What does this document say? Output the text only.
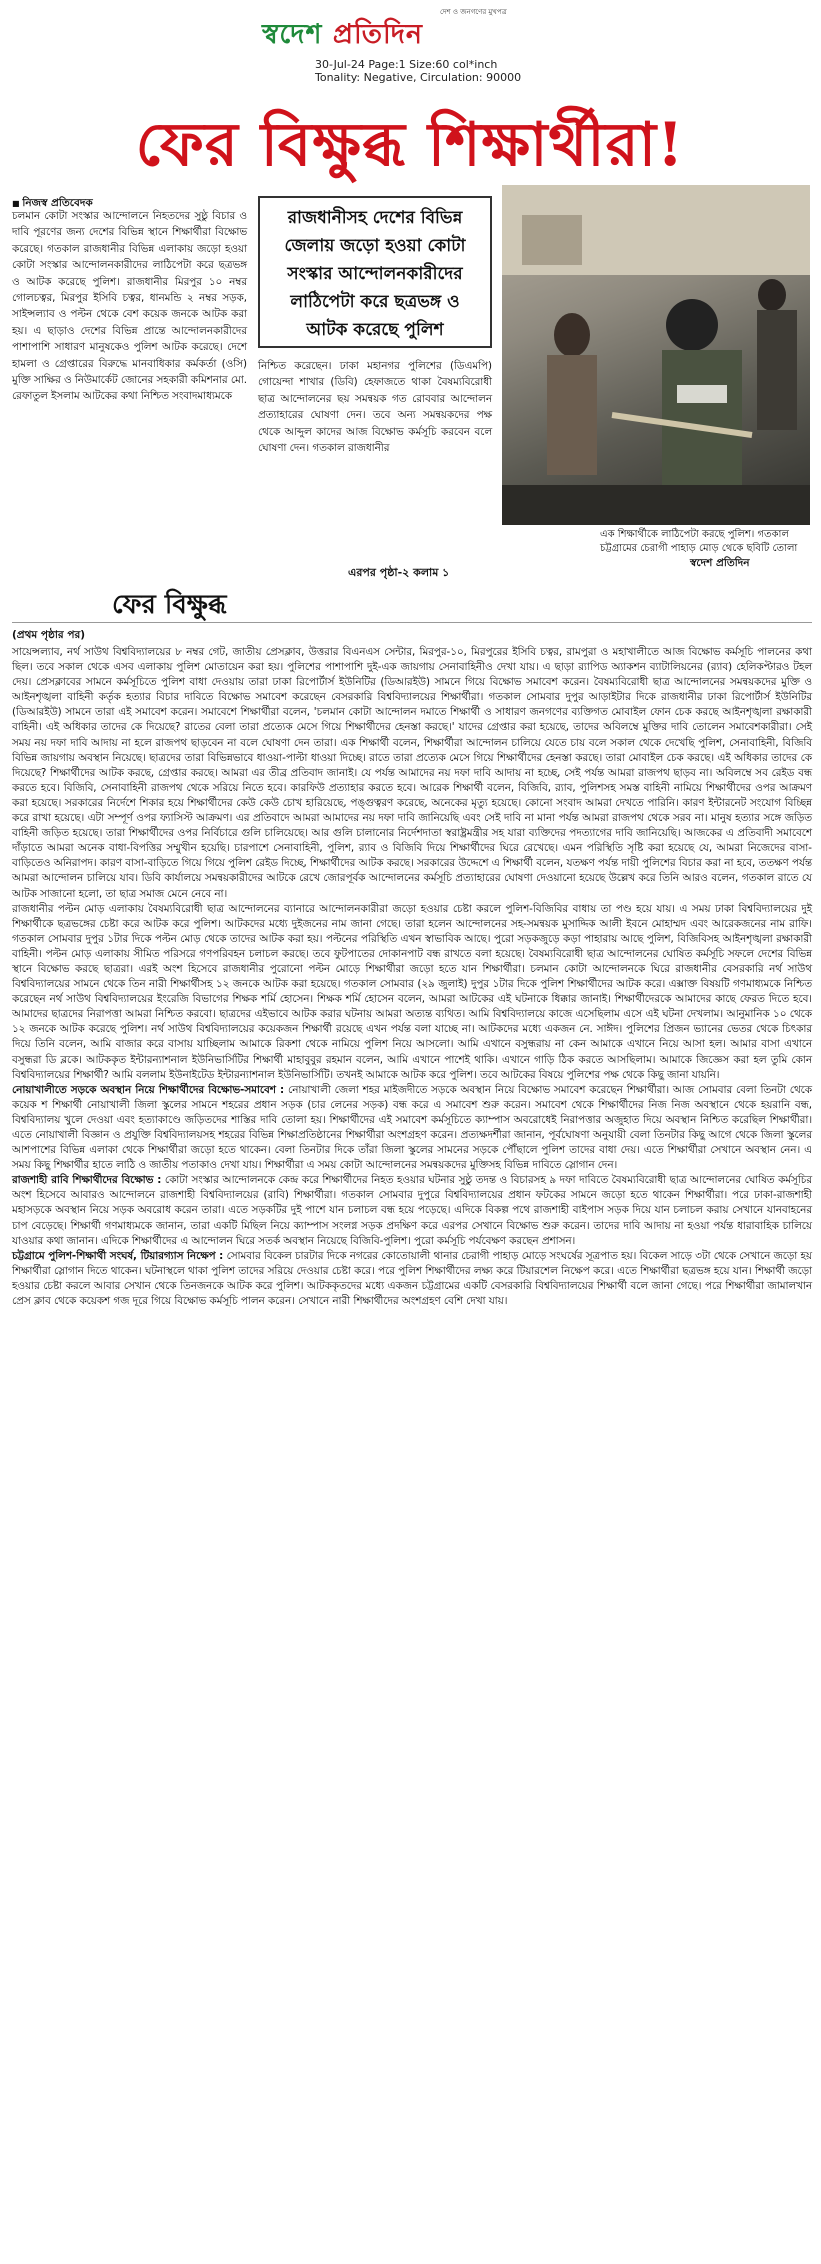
দেশ ও জনগণের মুখপত্র
স্বদেশ প্রতিদিন
30-Jul-24 Page:1 Size:60 col*inch
Tonality: Negative, Circulation: 90000
ফের বিক্ষুব্ধ শিক্ষার্থীরা!
■ নিজস্ব প্রতিবেদক

চলমান কোটা সংস্কার আন্দোলনে নিহতদের সুষ্ঠু বিচার ও দাবি পূরণের জন্য দেশের বিভিন্ন স্থানে শিক্ষার্থীরা বিক্ষোভ করেছে। গতকাল রাজধানীর বিভিন্ন এলাকায় জড়ো হওয়া কোটা সংস্কার আন্দোলনকারীদের লাঠিপেটা করে ছত্রভঙ্গ ও আটক করেছে পুলিশ। রাজধানীর মিরপুর ১০ নম্বর গোলচত্বর, মিরপুর ইসিবি চত্বর, ধানমন্ডি ২ নম্বর সড়ক, সাইন্সল্যাব ও পল্টন থেকে বেশ কয়েক জনকে আটক করা হয়। এ ছাড়াও দেশের বিভিন্ন প্রান্তে আন্দোলনকারীদের পাশাপাশি সাধারণ মানুষকেও পুলিশ আটক করেছে। দেশে হামলা ও গ্রেপ্তারের বিরুদ্ধে মানবাধিকার কর্মকর্তা (ওসি) মুক্তি সাক্ষির ও নিউমার্কেট জোনের সহকারী কমিশনার মো. রেফাতুল ইসলাম আটকের কথা নিশ্চিত সংবাদমাধ্যমকে

রাজধানীসহ দেশের বিভিন্ন জেলায় জড়ো হওয়া কোটা সংস্কার আন্দোলনকারীদের লাঠিপেটা করে ছত্রভঙ্গ ও আটক করেছে পুলিশ

নিশ্চিত করেছেন। ঢাকা মহানগর পুলিশের (ডিএমপি) গোয়েন্দা শাখার (ডিবি) হেফাজতে থাকা বৈষম্যবিরোধী ছাত্র আন্দোলনের ছয় সমন্বয়ক গত রোববার আন্দোলন প্রত্যাহারের ঘোষণা দেন। তবে অন্য সমন্বয়কদের পক্ষ থেকে আব্দুল কাদের আজ বিক্ষোভ কর্মসূচি করবেন বলে ঘোষণা দেন। গতকাল রাজধানীর

এক শিক্ষার্থীকে লাঠিপেটা করছে পুলিশ। গতকাল চট্টগ্রামের চেরাগী পাহাড় মোড় থেকে ছবিটি তোলা
স্বদেশ প্রতিদিন
এরপর পৃষ্ঠা-২ কলাম ১
ফের বিক্ষুব্ধ
(প্রথম পৃষ্ঠার পর)

সায়েন্সল্যাব, নর্থ সাউথ বিশ্ববিদ্যালয়ের ৮ নম্বর গেট, জাতীয় প্রেসক্লাব, উত্তরার বিএনএস সেন্টার, মিরপুর-১০, মিরপুরের ইসিবি চত্বর, রামপুরা ও মহাখালীতে আজ বিক্ষোভ কর্মসূচি পালনের কথা ছিল। তবে সকাল থেকে এসব এলাকায় পুলিশ মোতায়েন করা হয়। পুলিশের পাশাপাশি দুই-এক জায়গায় সেনাবাহিনীও দেখা যায়। এ ছাড়া র‍্যাপিড অ্যাকশন ব্যাটালিয়নের (র‍্যাব) হেলিকপ্টারও টহল দেয়। প্রেসক্লাবের সামনে কর্মসূচিতে পুলিশ বাধা দেওয়ায় তারা ঢাকা রিপোর্টার্স ইউনিটির (ডিআরইউ) সামনে গিয়ে বিক্ষোভ সমাবেশ করেন। বৈষম্যবিরোধী ছাত্র আন্দোলনের সমন্বয়কদের মুক্তি ও আইনশৃঙ্খলা বাহিনী কর্তৃক হত্যার বিচার দাবিতে বিক্ষোভ সমাবেশ করেছেন বেসরকারি বিশ্ববিদ্যালয়ের শিক্ষার্থীরা। গতকাল সোমবার দুপুর আড়াইটার দিকে রাজধানীর ঢাকা রিপোর্টার্স ইউনিটির (ডিআরইউ) সামনে তারা এই সমাবেশ করেন। সমাবেশে শিক্ষার্থীরা বলেন, 'চলমান কোটা আন্দোলন দমাতে শিক্ষার্থী ও সাধারণ জনগণের ব্যক্তিগত মোবাইল ফোন চেক করছে আইনশৃঙ্খলা রক্ষাকারী বাহিনী। এই অধিকার তাদের কে দিয়েছে? রাতের বেলা তারা প্রত্যেক মেসে গিয়ে শিক্ষার্থীদের হেনস্তা করছে।' যাদের গ্রেপ্তার করা হয়েছে, তাদের অবিলম্বে মুক্তির দাবি তোলেন সমাবেশকারীরা। সেই সময় নয় দফা দাবি আদায় না হলে রাজপথ ছাড়বেন না বলে ঘোষণা দেন তারা। এক শিক্ষার্থী বলেন, শিক্ষার্থীরা আন্দোলন চালিয়ে যেতে চায় বলে সকাল থেকে দেখেছি পুলিশ, সেনাবাহিনী, বিজিবি বিভিন্ন জায়গায় অবস্থান নিয়েছে। ছাত্রদের তারা বিভিন্নভাবে ধাওয়া-পাল্টা ধাওয়া দিচ্ছে। রাতে তারা প্রত্যেক মেসে গিয়ে শিক্ষার্থীদের হেনস্তা করছে। তারা মোবাইল চেক করছে। এই অধিকার তাদের কে দিয়েছে? শিক্ষার্থীদের আটক করছে, গ্রেপ্তার করছে। আমরা এর তীব্র প্রতিবাদ জানাই। যে পর্যন্ত আমাদের নয় দফা দাবি আদায় না হচ্ছে, সেই পর্যন্ত আমরা রাজপথ ছাড়ব না। অবিলম্বে সব রেইড বন্ধ করতে হবে। বিজিবি, সেনাবাহিনী রাজপথ থেকে সরিয়ে নিতে হবে। কারফিউ প্রত্যাহার করতে হবে। আরেক শিক্ষার্থী বলেন, বিজিবি, র‍্যাব, পুলিশসহ সমস্ত বাহিনী নামিয়ে শিক্ষার্থীদের ওপর আক্রমণ করা হয়েছে। সরকারের নির্দেশে শিকার হয়ে শিক্ষার্থীদের কেউ কেউ চোখ হারিয়েছে, পঙ্গুত্বরণ করেছে, অনেকের মৃত্যু হয়েছে। কোনো সংবাদ আমরা দেখতে পারিনি। কারণ ইন্টারনেট সংযোগ বিচ্ছিন্ন করে রাখা হয়েছে। এটা সম্পূর্ণ ওপর ফ্যাসিস্ট আক্রমণ। এর প্রতিবাদে আমরা আমাদের নয় দফা দাবি জানিয়েছি এবং সেই দাবি না মানা পর্যন্ত আমরা রাজপথ থেকে সরব না। মানুষ হত্যার সঙ্গে জড়িত বাহিনী জড়িত হয়েছে। তারা শিক্ষার্থীদের ওপর নির্বিচারে গুলি চালিয়েছে। আর গুলি চালানোর নির্দেশদাতা স্বরাষ্ট্রমন্ত্রীর সহ যারা ব্যক্তিদের পদত্যাগের দাবি জানিয়েছি। আজকের এ প্রতিবাদী সমাবেশে দাঁড়াতে আমরা অনেক বাধা-বিপত্তির সম্মুখীন হয়েছি। চারপাশে সেনাবাহিনী, পুলিশ, র‍্যাব ও বিজিবি দিয়ে শিক্ষার্থীদের ঘিরে রেখেছে। এমন পরিস্থিতি সৃষ্টি করা হয়েছে যে, আমরা নিজেদের বাসা-বাড়িতেও অনিরাপদ। কারণ বাসা-বাড়িতে গিয়ে গিয়ে পুলিশ রেইড দিচ্ছে, শিক্ষার্থীদের আটক করছে। সরকারের উদ্দেশে এ শিক্ষার্থী বলেন, যতক্ষণ পর্যন্ত দায়ী পুলিশের বিচার করা না হবে, ততক্ষণ পর্যন্ত আমরা আন্দোলন চালিয়ে যাব। ডিবি কার্যালয়ে সমন্বয়কারীদের আটকে রেখে জোরপূর্বক আন্দোলনের কর্মসূচি প্রত্যাহারের ঘোষণা দেওয়ানো হয়েছে উল্লেখ করে তিনি আরও বলেন, গতকাল রাতে যে আটক সাজানো হলো, তা ছাত্র সমাজ মেনে নেবে না।

রাজধানীর পল্টন মোড় এলাকায় বৈষম্যবিরোধী ছাত্র আন্দোলনের ব্যানারে আন্দোলনকারীরা জড়ো হওয়ার চেষ্টা করলে পুলিশ-বিজিবির বাধায় তা পণ্ড হয়ে যায়। এ সময় ঢাকা বিশ্ববিদ্যালয়ের দুই শিক্ষার্থীকে ছত্রভঙ্গের চেষ্টা করে আটক করে পুলিশ। আটকদের মধ্যে দুইজনের নাম জানা গেছে। তারা হলেন আন্দোলনের সহ-সমন্বয়ক মুসাদ্দিক আলী ইবনে মোহাম্মদ এবং আরেকজনের নাম রাফি। গতকাল সোমবার দুপুর ১টার দিকে পল্টন মোড় থেকে তাদের আটক করা হয়। পল্টনের পরিস্থিতি এখন স্বাভাবিক আছে। পুরো সড়কজুড়ে কড়া পাহারায় আছে পুলিশ, বিজিবিসহ আইনশৃঙ্খলা রক্ষাকারী বাহিনী। পল্টন মোড় এলাকায় সীমিত পরিসরে গণপরিবহন চলাচল করছে। তবে ফুটপাতের দোকানপাট বন্ধ রাখতে বলা হয়েছে। বৈষম্যবিরোধী ছাত্র আন্দোলনের ঘোষিত কর্মসূচি সফলে দেশের বিভিন্ন স্থানে বিক্ষোভ করছে ছাত্ররা। এরই অংশ হিসেবে রাজধানীর পুরোনো পল্টন মোড়ে শিক্ষার্থীরা জড়ো হতে যান শিক্ষার্থীরা। চলমান কোটা আন্দোলনকে ঘিরে রাজধানীর বেসরকারি নর্থ সাউথ বিশ্ববিদ্যালয়ের সামনে থেকে তিন নারী শিক্ষার্থীসহ ১২ জনকে আটক করা হয়েছে। গতকাল সোমবার (২৯ জুলাই) দুপুর ১টার দিকে পুলিশ শিক্ষার্থীদের আটক করে। এক্সাক্ত বিষয়টি গণমাধ্যমকে নিশ্চিত করেছেন নর্থ সাউথ বিশ্ববিদ্যালয়ের ইংরেজি বিভাগের শিক্ষক শর্মি হোসেন। শিক্ষক শর্মি হোসেন বলেন, আমরা আটকের এই ঘটনাকে ধিক্কার জানাই। শিক্ষার্থীদেরকে আমাদের কাছে ফেরত দিতে হবে। আমাদের ছাত্রদের নিরাপত্তা আমরা নিশ্চিত করবো। ছাত্রদের এইভাবে আটক করার ঘটনায় আমরা অত্যন্ত ব্যথিত। আমি বিশ্ববিদ্যালয়ে কাজে এসেছিলাম এসে এই ঘটনা দেখলাম। আনুমানিক ১০ থেকে ১২ জনকে আটক করেছে পুলিশ। নর্থ সাউথ বিশ্ববিদ্যালয়ের কয়েকজন শিক্ষার্থী রয়েছে এখন পর্যন্ত বলা যাচ্ছে না। আটকদের মধ্যে একজন নে. সাঈদ। পুলিশের প্রিজন ভ্যানের ভেতর থেকে চিৎকার দিয়ে তিনি বলেন, আমি বাজার করে বাসায় যাচ্ছিলাম আমাকে রিকশা থেকে নামিয়ে পুলিশ নিয়ে আসলো। আমি এখানে বসুন্ধরায় না কেন আমাকে এখানে নিয়ে আসা হল। আমার বাসা এখানে বসুন্ধরা ডি ব্লকে। আটককৃত ইন্টারন্যাশনাল ইউনিভার্সিটির শিক্ষার্থী মাহাবুবুর রহমান বলেন, আমি এখানে পাশেই থাকি। এখানে গাড়ি ঠিক করতে আসছিলাম। আমাকে জিজ্ঞেস করা হল তুমি কোন বিশ্ববিদ্যালয়ের শিক্ষার্থী? আমি বললাম ইউনাইটেড ইন্টারন্যাশনাল ইউনিভার্সিটি। তখনই আমাকে আটক করে পুলিশ। তবে আটকের বিষয়ে পুলিশের পক্ষ থেকে কিছু জানা যায়নি।

নোয়াখালীতে সড়কে অবস্থান নিয়ে শিক্ষার্থীদের বিক্ষোভ-সমাবেশ : নোয়াখালী জেলা শহর মাইজদীতে সড়কে অবস্থান নিয়ে বিক্ষোভ সমাবেশ করেছেন শিক্ষার্থীরা। আজ সোমবার বেলা তিনটা থেকে কয়েক শ শিক্ষার্থী নোয়াখালী জিলা স্কুলের সামনে শহরের প্রধান সড়ক (চার লেনের সড়ক) বন্ধ করে এ সমাবেশ শুরু করেন। সমাবেশ থেকে শিক্ষার্থীদের নিজ নিজ অবস্থানে থেকে হয়রানি বন্ধ, বিশ্ববিদ্যালয় খুলে দেওয়া এবং হত্যাকাণ্ডে জড়িতদের শাস্তির দাবি তোলা হয়। শিক্ষার্থীদের এই সমাবেশ কর্মসূচিতে ক্যাম্পাস অবরোধেই নিরাপত্তার অজুহাত দিয়ে অবস্থান নিশ্চিত করেছিল শিক্ষার্থীরা। এতে নোয়াখালী বিজ্ঞান ও প্রযুক্তি বিশ্ববিদ্যালয়সহ শহরের বিভিন্ন শিক্ষাপ্রতিষ্ঠানের শিক্ষার্থীরা অংশগ্রহণ করেন। প্রত্যক্ষদর্শীরা জানান, পূর্বঘোষণা অনুযায়ী বেলা তিনটার কিছু আগে থেকে জিলা স্কুলের আশপাশের বিভিন্ন এলাকা থেকে শিক্ষার্থীরা জড়ো হতে থাকেন। বেলা তিনটার দিকে তাঁরা জিলা স্কুলের সামনের সড়কে পৌঁছালে পুলিশ তাদের বাধা দেয়। এতে শিক্ষার্থীরা সেখানে অবস্থান নেন। এ সময় কিছু শিক্ষার্থীর হাতে লাঠি ও জাতীয় পতাকাও দেখা যায়। শিক্ষার্থীরা এ সময় কোটা আন্দোলনের সমন্বয়কদের মুক্তিসহ বিভিন্ন দাবিতে স্লোগান দেন।

রাজশাহী রাবি শিক্ষার্থীদের বিক্ষোভ : কোটা সংস্কার আন্দোলনকে কেন্দ্র করে শিক্ষার্থীদের নিহত হওয়ার ঘটনার সুষ্ঠু তদন্ত ও বিচারসহ ৯ দফা দাবিতে বৈষম্যবিরোধী ছাত্র আন্দোলনের ঘোষিত কর্মসূচির অংশ হিসেবে আবারও আন্দোলনে রাজশাহী বিশ্ববিদ্যালয়ের (রাবি) শিক্ষার্থীরা। গতকাল সোমবার দুপুরে বিশ্ববিদ্যালয়ের প্রধান ফটকের সামনে জড়ো হতে থাকেন শিক্ষার্থীরা। পরে ঢাকা-রাজশাহী মহাসড়কে অবস্থান নিয়ে সড়ক অবরোধ করেন তারা। এতে সড়কটির দুই পাশে যান চলাচল বন্ধ হয়ে পড়েছে। এদিকে বিকল্প পথে রাজশাহী বাইপাস সড়ক দিয়ে যান চলাচল করায় সেখানে যানবাহনের চাপ বেড়েছে। শিক্ষার্থী গণমাধ্যমকে জানান, তারা একটি মিছিল নিয়ে ক্যাম্পাস সংলগ্ন সড়ক প্রদক্ষিণ করে এরপর সেখানে বিক্ষোভ শুরু করেন। তাদের দাবি আদায় না হওয়া পর্যন্ত ধারাবাহিক চালিয়ে যাওয়ার কথা জানান। এদিকে শিক্ষার্থীদের এ আন্দোলন ঘিরে সতর্ক অবস্থান নিয়েছে বিজিবি-পুলিশ। পুরো কর্মসূচি পর্যবেক্ষণ করছেন প্রশাসন।

চট্টগ্রামে পুলিশ-শিক্ষার্থী সংঘর্ষ, টিয়ারগ্যাস নিক্ষেপ : সোমবার বিকেল চারটার দিকে নগরের কোতোয়ালী থানার চেরাগী পাহাড় মোড়ে সংঘর্ষের সূত্রপাত হয়। বিকেল সাড়ে ৩টা থেকে সেখানে জড়ো হয় শিক্ষার্থীরা স্লোগান দিতে থাকেন। ঘটনাস্থলে থাকা পুলিশ তাদের সরিয়ে দেওয়ার চেষ্টা করে। পরে পুলিশ শিক্ষার্থীদের লক্ষ্য করে টিয়ারশেল নিক্ষেপ করে। এতে শিক্ষার্থীরা ছত্রভঙ্গ হয়ে যান। শিক্ষার্থী জড়ো হওয়ার চেষ্টা করলে আবার সেখান থেকে তিনজনকে আটক করে পুলিশ। আটককৃতদের মধ্যে একজন চট্টগ্রামের একটি বেসরকারি বিশ্ববিদ্যালয়ের শিক্ষার্থী বলে জানা গেছে। পরে শিক্ষার্থীরা জামালখান প্রেস ক্লাব থেকে কয়েকশ গজ দূরে গিয়ে বিক্ষোভ কর্মসূচি পালন করেন। সেখানে নারী শিক্ষার্থীদের অংশগ্রহণ বেশি দেখা যায়।
